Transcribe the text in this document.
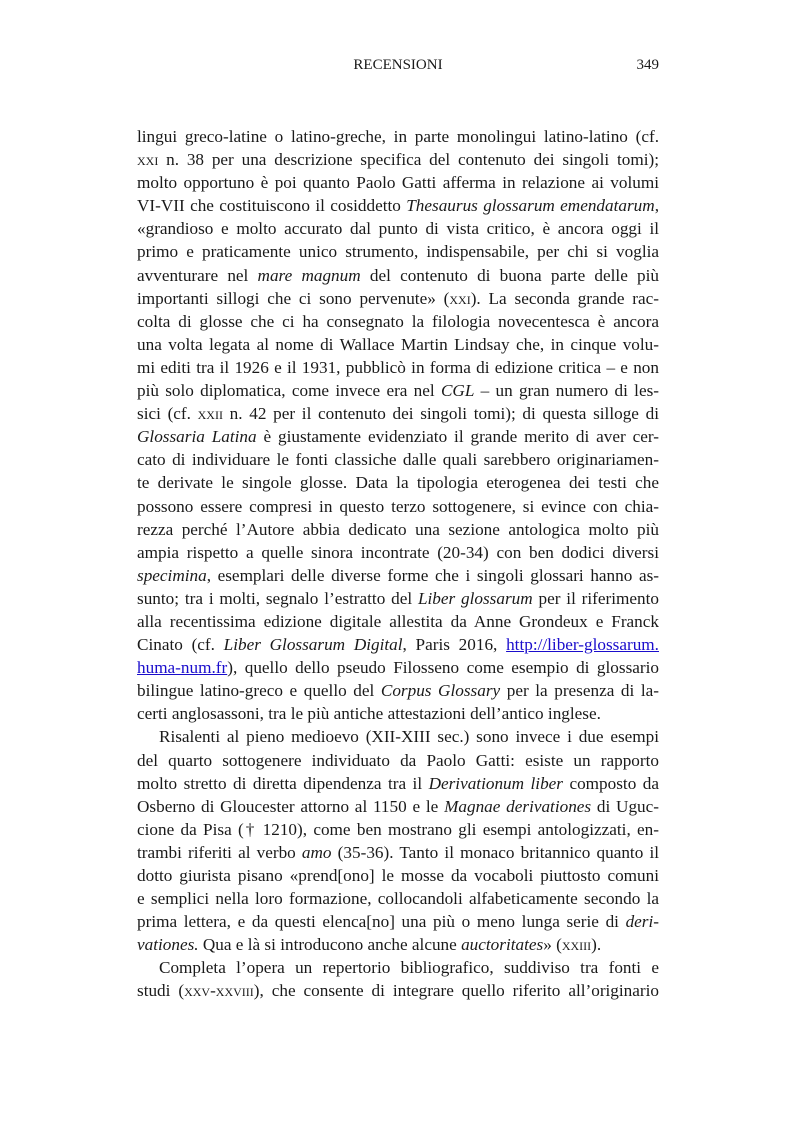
RECENSIONI	349
lingui greco-latine o latino-greche, in parte monolingui latino-latino (cf.
xxi n. 38 per una descrizione specifica del contenuto dei singoli tomi);
molto opportuno è poi quanto Paolo Gatti afferma in relazione ai volumi
VI-VII che costituiscono il cosiddetto Thesaurus glossarum emendatarum,
«grandioso e molto accurato dal punto di vista critico, è ancora oggi il
primo e praticamente unico strumento, indispensabile, per chi si voglia
avventurare nel mare magnum del contenuto di buona parte delle più
importanti sillogi che ci sono pervenute» (xxi). La seconda grande rac-
colta di glosse che ci ha consegnato la filologia novecentesca è ancora
una volta legata al nome di Wallace Martin Lindsay che, in cinque volu-
mi editi tra il 1926 e il 1931, pubblicò in forma di edizione critica – e non
più solo diplomatica, come invece era nel CGL – un gran numero di les-
sici (cf. xxii n. 42 per il contenuto dei singoli tomi); di questa silloge di
Glossaria Latina è giustamente evidenziato il grande merito di aver cer-
cato di individuare le fonti classiche dalle quali sarebbero originariamen-
te derivate le singole glosse. Data la tipologia eterogenea dei testi che
possono essere compresi in questo terzo sottogenere, si evince con chia-
rezza perché l’Autore abbia dedicato una sezione antologica molto più
ampia rispetto a quelle sinora incontrate (20-34) con ben dodici diversi
specimina, esemplari delle diverse forme che i singoli glossari hanno as-
sunto; tra i molti, segnalo l’estratto del Liber glossarum per il riferimento
alla recentissima edizione digitale allestita da Anne Grondeux e Franck
Cinato (cf. Liber Glossarum Digital, Paris 2016, http://liber-glossarum.
huma-num.fr), quello dello pseudo Filosseno come esempio di glossario
bilingue latino-greco e quello del Corpus Glossary per la presenza di la-
certi anglosassoni, tra le più antiche attestazioni dell’antico inglese.
Risalenti al pieno medioevo (XII-XIII sec.) sono invece i due esempi
del quarto sottogenere individuato da Paolo Gatti: esiste un rapporto
molto stretto di diretta dipendenza tra il Derivationum liber composto da
Osberno di Gloucester attorno al 1150 e le Magnae derivationes di Uguc-
cione da Pisa († 1210), come ben mostrano gli esempi antologizzati, en-
trambi riferiti al verbo amo (35-36). Tanto il monaco britannico quanto il
dotto giurista pisano «prend[ono] le mosse da vocaboli piuttosto comuni
e semplici nella loro formazione, collocandoli alfabeticamente secondo la
prima lettera, e da questi elenca[no] una più o meno lunga serie di deri-
vationes. Qua e là si introducono anche alcune auctoritates» (xxiii).
Completa l’opera un repertorio bibliografico, suddiviso tra fonti e
studi (xxv-xxviii), che consente di integrare quello riferito all’originario
